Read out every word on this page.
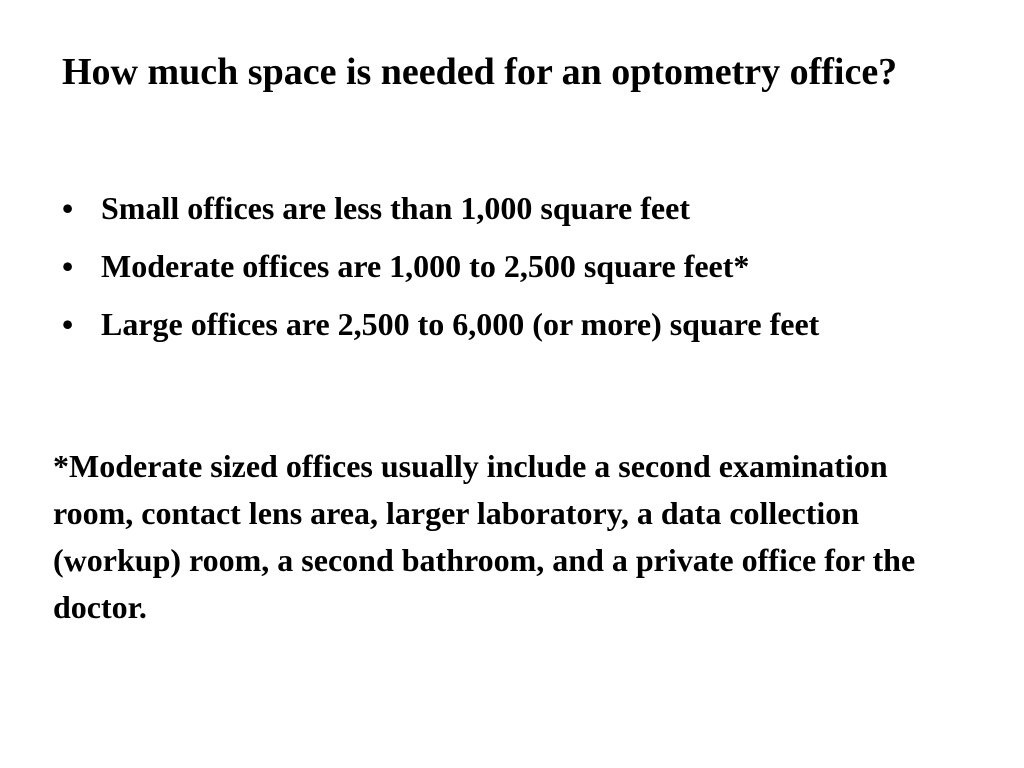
How much space is needed for an optometry office?
• Small offices are less than 1,000 square feet
• Moderate offices are 1,000 to 2,500 square feet*
• Large offices are 2,500 to 6,000 (or more) square feet

*Moderate sized offices usually include a second examination room, contact lens area, larger laboratory, a data collection (workup) room, a second bathroom, and a private office for the doctor.
